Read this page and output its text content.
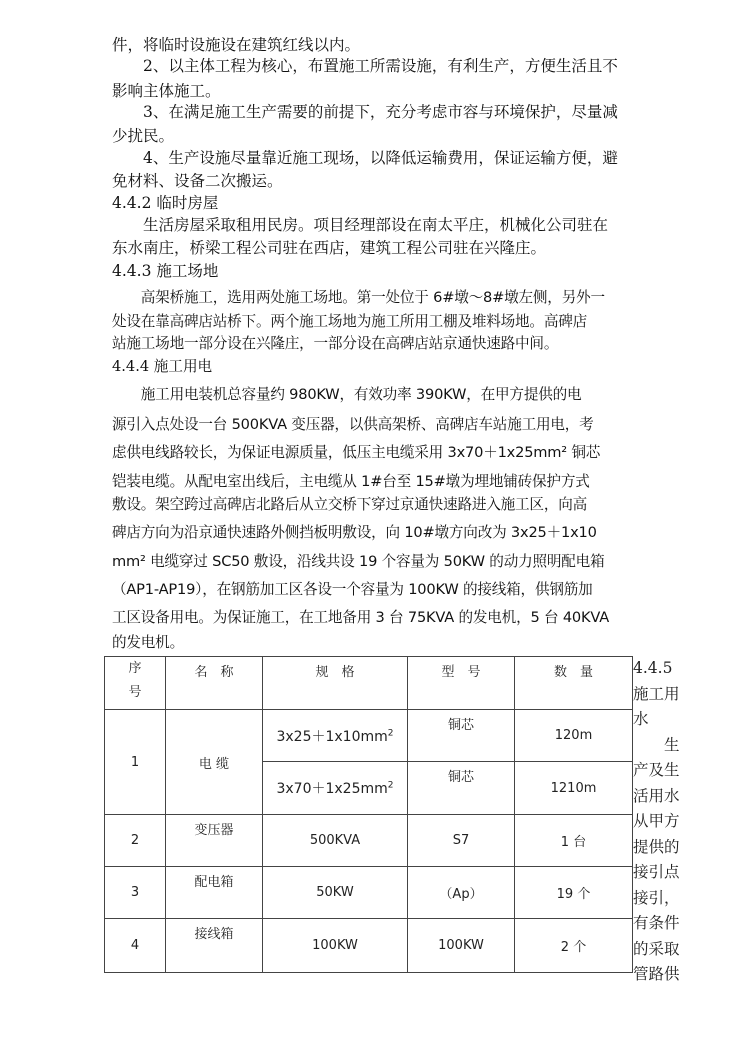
件，将临时设施设在建筑红线以内。
　　2、以主体工程为核心，布置施工所需设施，有利生产，方便生活且不
影响主体施工。
　　3、在满足施工生产需要的前提下，充分考虑市容与环境保护，尽量减
少扰民。
　　4、生产设施尽量靠近施工现场，以降低运输费用，保证运输方便，避
免材料、设备二次搬运。
4.4.2 临时房屋
　　生活房屋采取租用民房。项目经理部设在南太平庄，机械化公司驻在
东水南庄，桥梁工程公司驻在西店，建筑工程公司驻在兴隆庄。
4.4.3 施工场地
　　高架桥施工，选用两处施工场地。第一处位于 6#墩～8#墩左侧，另外一
处设在靠高碑店站桥下。两个施工场地为施工所用工棚及堆料场地。高碑店
站施工场地一部分设在兴隆庄，一部分设在高碑店站京通快速路中间。
4.4.4 施工用电
　　施工用电装机总容量约 980KW，有效功率 390KW，在甲方提供的电
源引入点处设一台 500KVA 变压器，以供高架桥、高碑店车站施工用电，考
虑供电线路较长，为保证电源质量，低压主电缆采用 3x70＋1x25mm² 铜芯
铠装电缆。从配电室出线后，主电缆从 1#台至 15#墩为埋地铺砖保护方式
敷设。架空跨过高碑店北路后从立交桥下穿过京通快速路进入施工区，向高
碑店方向为沿京通快速路外侧挡板明敷设，向 10#墩方向改为 3x25＋1x10
mm² 电缆穿过 SC50 敷设，沿线共设 19 个容量为 50KW 的动力照明配电箱
（AP1-AP19），在钢筋加工区各设一个容量为 100KW 的接线箱，供钢筋加
工区设备用电。为保证施工，在工地备用 3 台 75KVA 的发电机，5 台 40KVA
的发电机。
序号	名　称	规　格	型　号	数　量
1	电 缆	$3x25+1x10mm^2$	铜芯	120m
		$3x70+1x25mm^2$	铜芯	1210m
2	变压器	500KVA	S7	1 台
3	配电箱	50KW	（Ap）	19 个
4	接线箱	100KW	100KW	2 个
4.4.5
施工用
水
　　生
产及生
活用水
从甲方
提供的
接引点
接引，
有条件
的采取
管路供
